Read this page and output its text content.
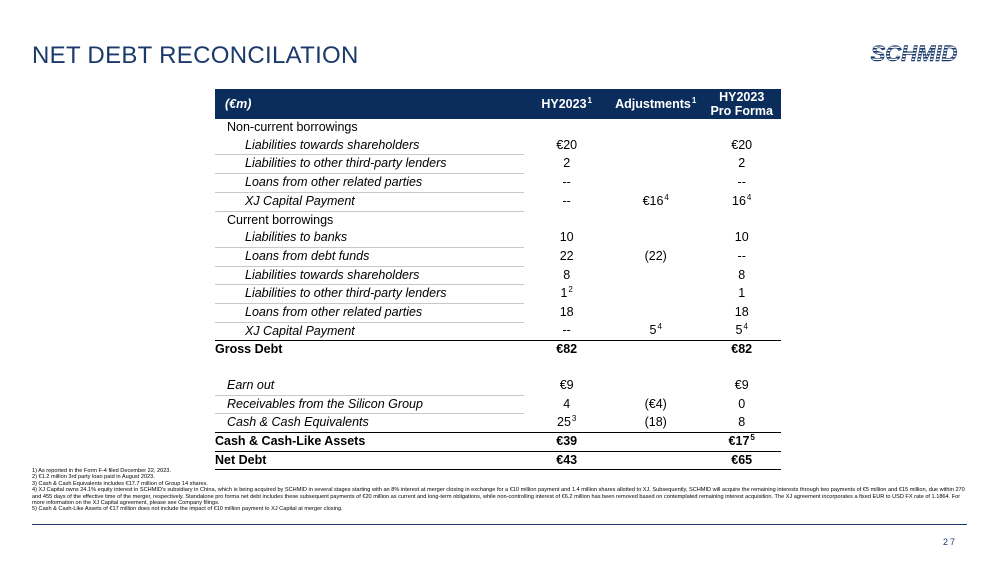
NET DEBT RECONCILATION	SCHMID
(€m)	HY2023$^1$	Adjustments$^1$	HY2023
Pro Forma
Non-current borrowings			
Liabilities towards shareholders	€20		€20
Liabilities to other third-party lenders	2		2
Loans from other related parties	--		--
XJ Capital Payment	--	$€16^4$	$16^4$
Current borrowings			
Liabilities to banks	10		10
Loans from debt funds	22	(22)	--
Liabilities towards shareholders	8		8
Liabilities to other third-party lenders	$1^2$		1
Loans from other related parties	18		18
XJ Capital Payment	--	$5^4$	$5^4$
Gross Debt	€82		€82

Earn out	€9		€9
Receivables from the Silicon Group	4	(€4)	0
Cash & Cash Equivalents	$25^3$	(18)	8
Cash & Cash-Like Assets	€39		$€17^5$
Net Debt	€43		€65
1) As reported in the Form F-4 filed December 22, 2023.
2) €1.2 million 3rd party loan paid in August 2023.
3) Cash & Cash Equivalents includes €17.7 million of Group 14 shares.
4) XJ Capital owns 24.1% equity interest in SCHMID's subsidiary in China, which is being acquired by SCHMID in several stages starting with an 8% interest at merger closing in exchange for a €10 million payment and 1.4 million shares allotted to XJ. Subsequently, SCHMID will acquire the remaining interests through two payments of €5 million and €15 million, due within 270 and 455 days of the effective time of the merger, respectively. Standalone pro forma net debt includes these subsequent payments of €20 million as current and long-term obligations, while non-controlling interest of €6.2 million has been removed based on contemplated remaining interest acquisition. The XJ agreement incorporates a fixed EUR to USD FX rate of 1.1864. For more information on the XJ Capital agreement, please see Company filings.
5) Cash & Cash-Like Assets of €17 million does not include the impact of €10 million payment to XJ Capital at merger closing.
27
